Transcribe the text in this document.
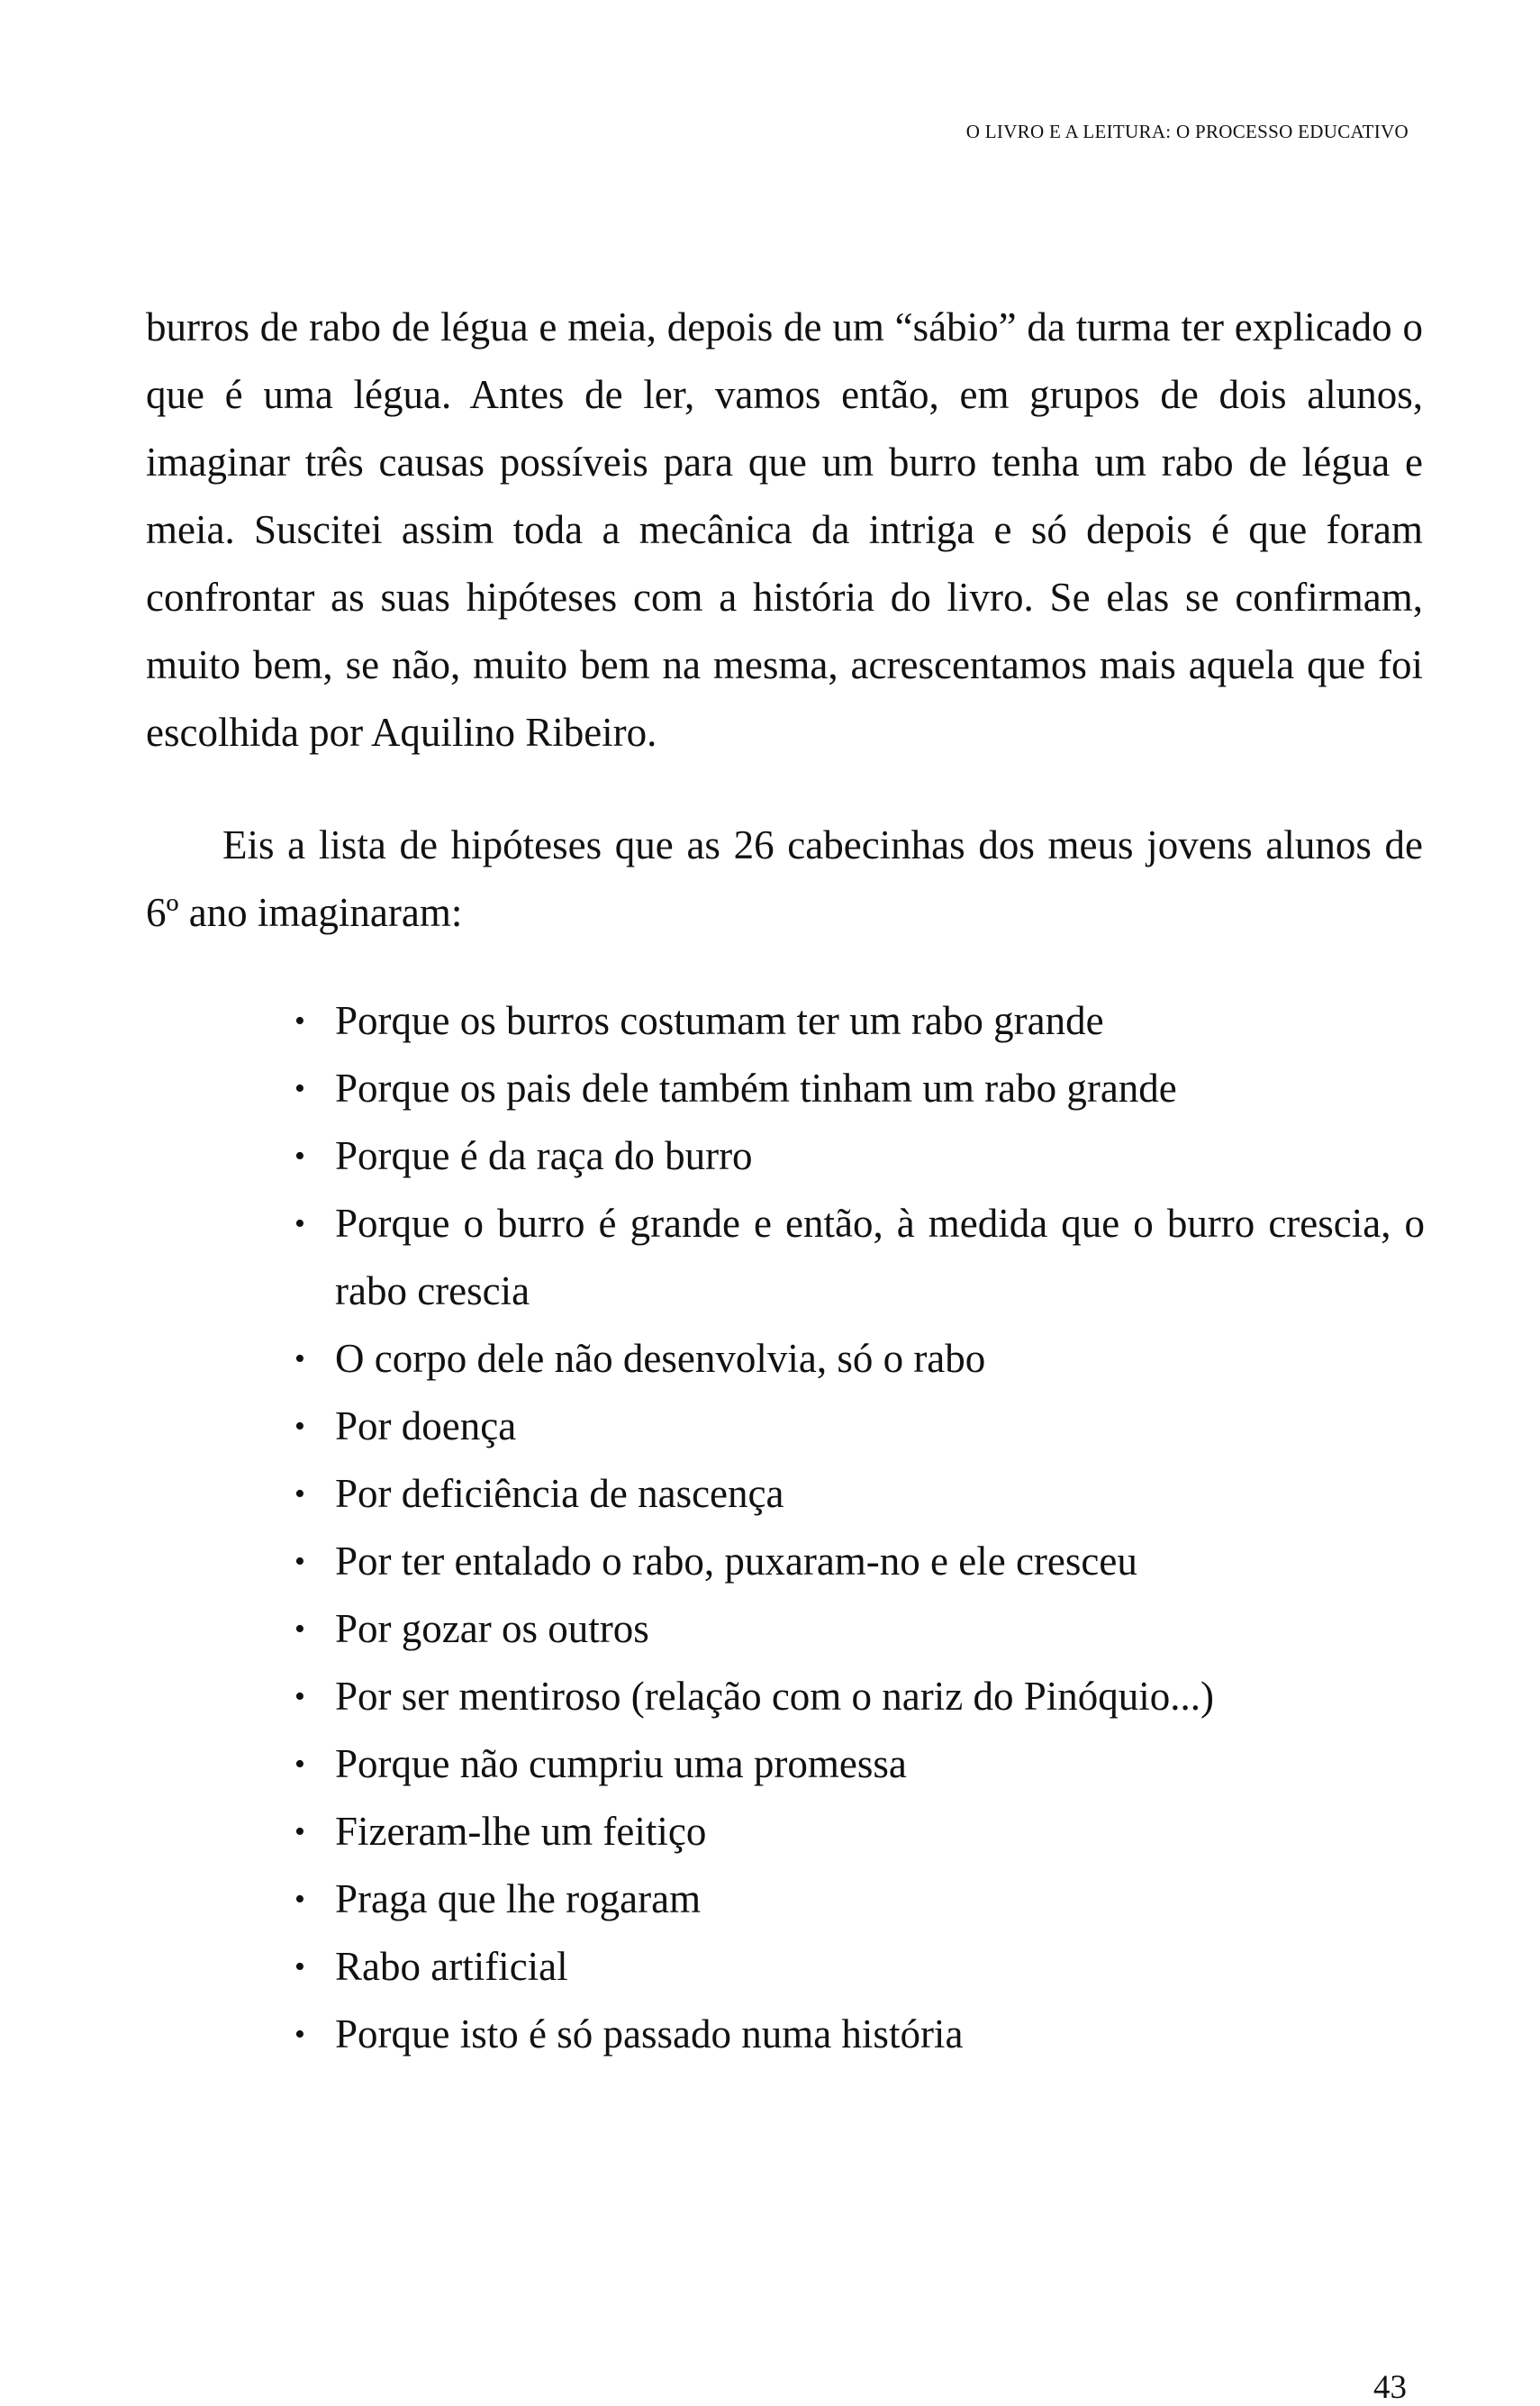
O LIVRO E A LEITURA: O PROCESSO EDUCATIVO

burros de rabo de légua e meia, depois de um “sábio” da turma ter explicado o que é uma légua. Antes de ler, vamos então, em grupos de dois alunos, imaginar três causas possíveis para que um burro tenha um rabo de légua e meia. Suscitei assim toda a mecânica da intriga e só depois é que foram confrontar as suas hipóteses com a história do livro. Se elas se confirmam, muito bem, se não, muito bem na mesma, acrescentamos mais aquela que foi escolhida por Aquilino Ribeiro.

Eis a lista de hipóteses que as 26 cabecinhas dos meus jovens alunos de 6º ano imaginaram:

• Porque os burros costumam ter um rabo grande
• Porque os pais dele também tinham um rabo grande
• Porque é da raça do burro
• Porque o burro é grande e então, à medida que o burro crescia, o rabo crescia
• O corpo dele não desenvolvia, só o rabo
• Por doença
• Por deficiência de nascença
• Por ter entalado o rabo, puxaram-no e ele cresceu
• Por gozar os outros
• Por ser mentiroso (relação com o nariz do Pinóquio...)
• Porque não cumpriu uma promessa
• Fizeram-lhe um feitiço
• Praga que lhe rogaram
• Rabo artificial
• Porque isto é só passado numa história
43
